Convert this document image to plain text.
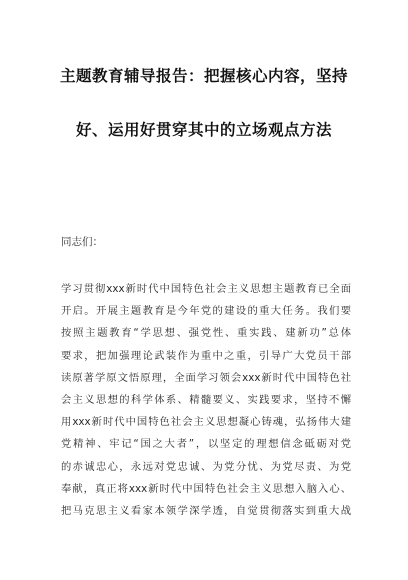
主题教育辅导报告：把握核心内容，坚持
好、运用好贯穿其中的立场观点方法
同志们：
学习贯彻xxx新时代中国特色社会主义思想主题教育已全面
开启。开展主题教育是今年党的建设的重大任务。我们要
按照主题教育“学思想、强党性、重实践、建新功”总体
要求，把加强理论武装作为重中之重，引导广大党员干部
读原著学原文悟原理，全面学习领会xxx新时代中国特色社
会主义思想的科学体系、精髓要义、实践要求，坚持不懈
用xxx新时代中国特色社会主义思想凝心铸魂，弘扬伟大建
党精神、牢记“国之大者”，以坚定的理想信念砥砺对党
的赤诚忠心，永远对党忠诚、为党分忧、为党尽责、为党
奉献，真正将xxx新时代中国特色社会主义思想入脑入心、
把马克思主义看家本领学深学透，自觉贯彻落实到重大战
